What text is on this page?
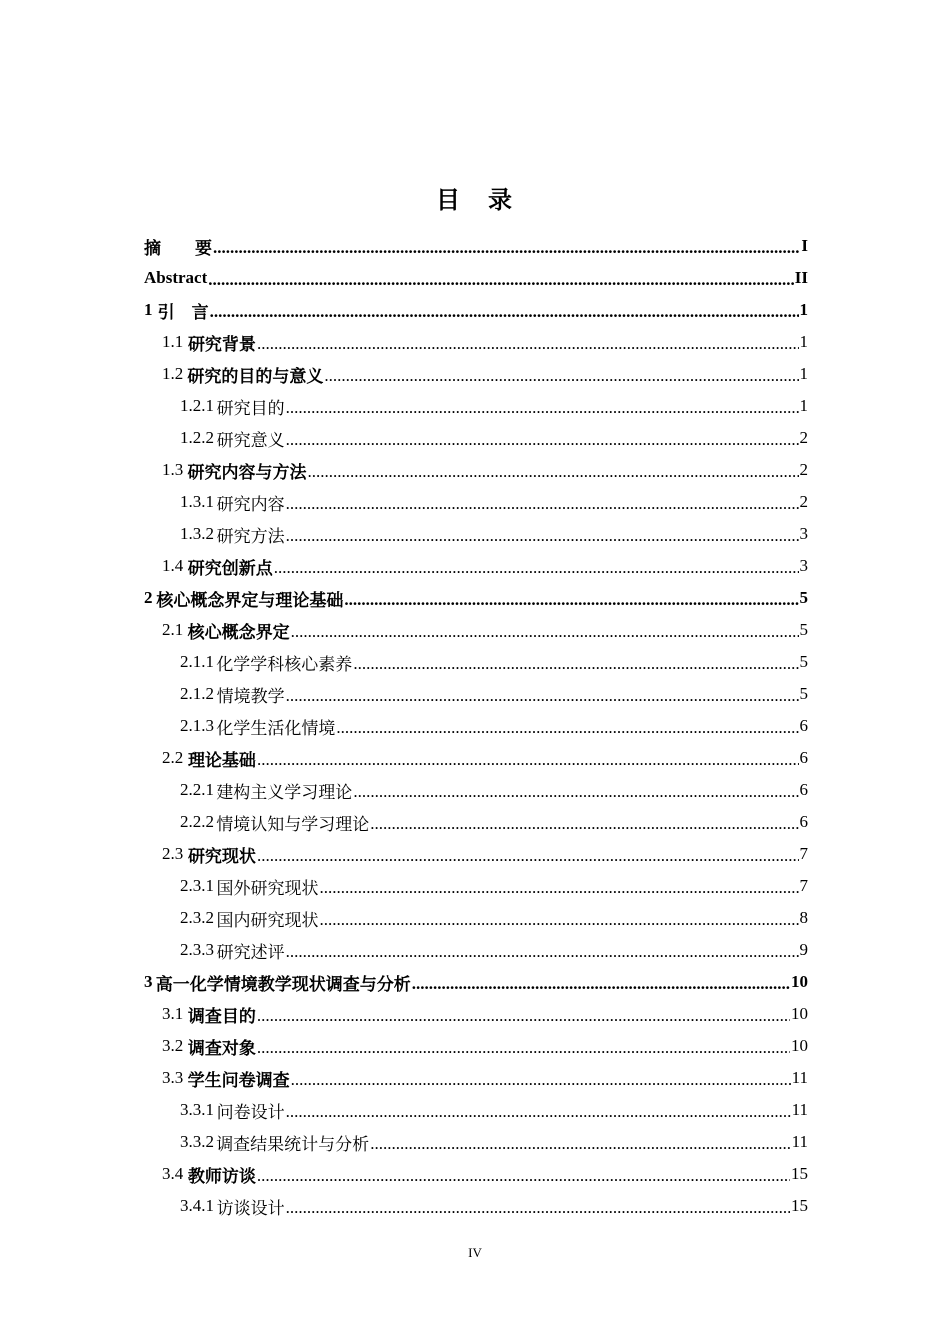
目　录
摘　　要 .....	I
Abstract .....	II
1 引　言 .....	1
1.1 研究背景 .....	1
1.2 研究的目的与意义 .....	1
1.2.1 研究目的 .....	1
1.2.2 研究意义 .....	2
1.3 研究内容与方法 .....	2
1.3.1 研究内容 .....	2
1.3.2 研究方法 .....	3
1.4 研究创新点 .....	3
2 核心概念界定与理论基础 .....	5
2.1 核心概念界定 .....	5
2.1.1 化学学科核心素养 .....	5
2.1.2 情境教学 .....	5
2.1.3 化学生活化情境 .....	6
2.2 理论基础 .....	6
2.2.1 建构主义学习理论 .....	6
2.2.2 情境认知与学习理论 .....	6
2.3 研究现状 .....	7
2.3.1 国外研究现状 .....	7
2.3.2 国内研究现状 .....	8
2.3.3 研究述评 .....	9
3 高一化学情境教学现状调查与分析 .....	10
3.1 调查目的 .....	10
3.2 调查对象 .....	10
3.3 学生问卷调查 .....	11
3.3.1 问卷设计 .....	11
3.3.2 调查结果统计与分析 .....	11
3.4 教师访谈 .....	15
3.4.1 访谈设计 .....	15
IV
